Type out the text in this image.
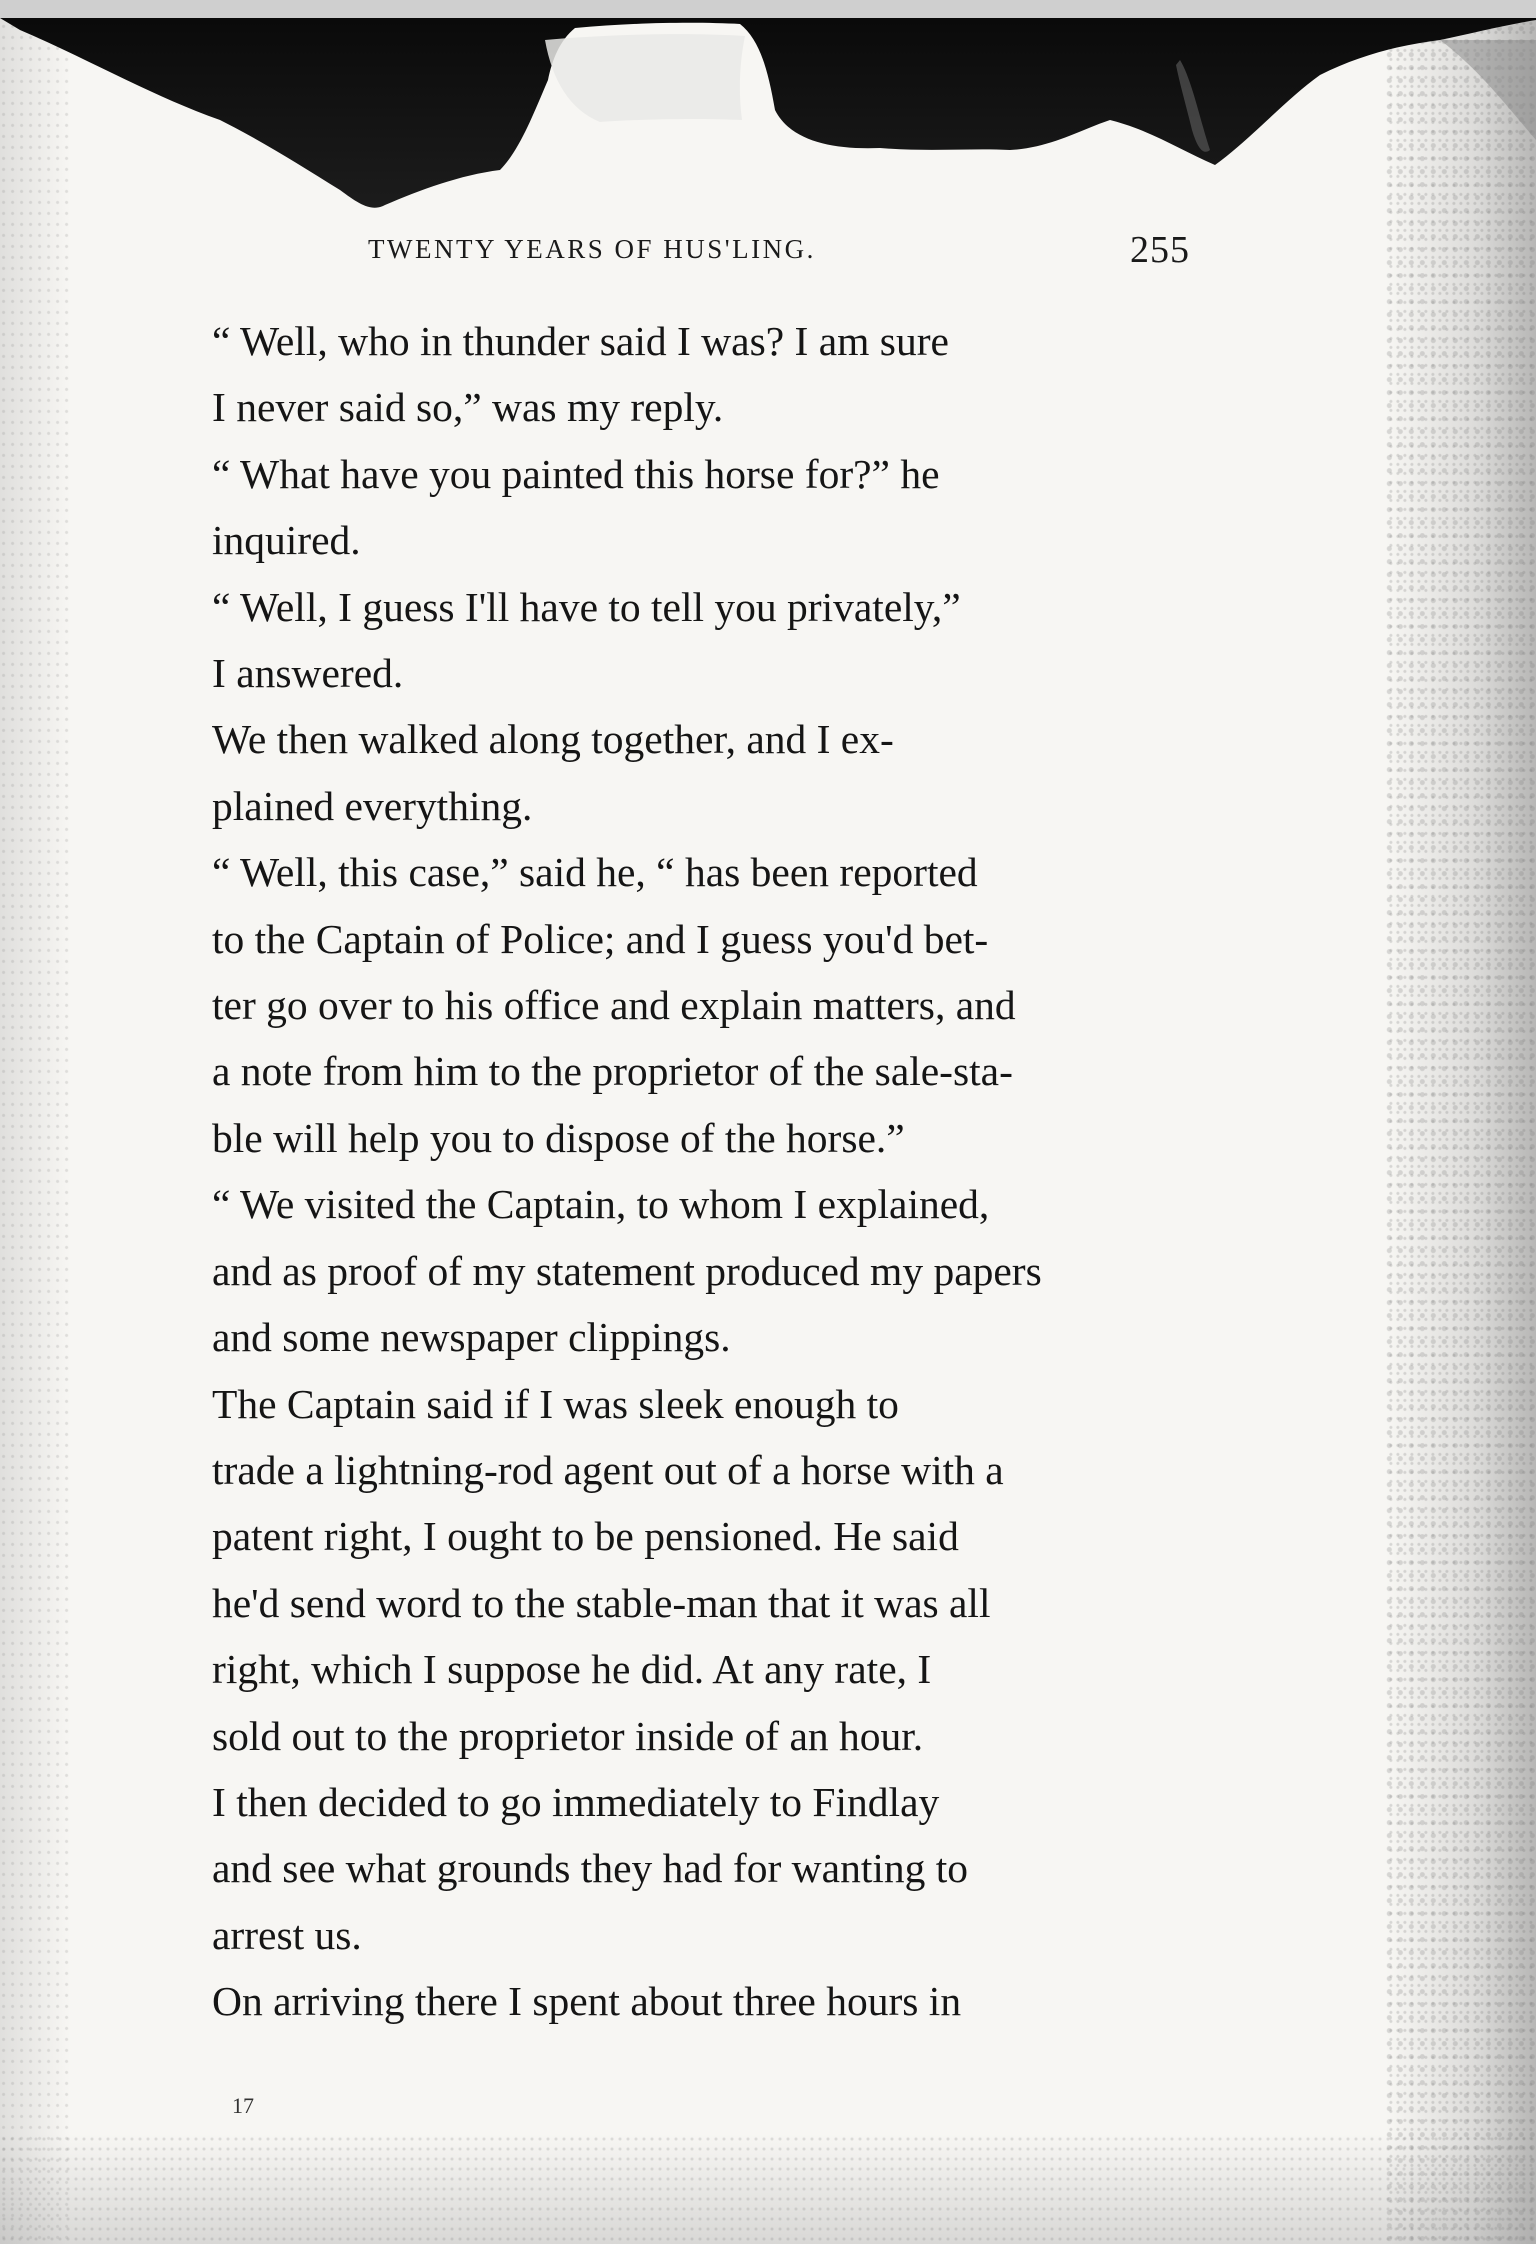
TWENTY YEARS OF HUS'LING.	255

“ Well, who in thunder said I was? I am sure
I never said so,” was my reply.

“ What have you painted this horse for?” he
inquired.

“ Well, I guess I'll have to tell you privately,”
I answered.

We then walked along together, and I ex-
plained everything.

“ Well, this case,” said he, “ has been reported
to the Captain of Police; and I guess you'd bet-
ter go over to his office and explain matters, and
a note from him to the proprietor of the sale-sta-
ble will help you to dispose of the horse.”

“ We visited the Captain, to whom I explained,
and as proof of my statement produced my papers
and some newspaper clippings.

The Captain said if I was sleek enough to
trade a lightning-rod agent out of a horse with a
patent right, I ought to be pensioned. He said
he'd send word to the stable-man that it was all
right, which I suppose he did. At any rate, I
sold out to the proprietor inside of an hour.

I then decided to go immediately to Findlay
and see what grounds they had for wanting to
arrest us.

On arriving there I spent about three hours in

17
